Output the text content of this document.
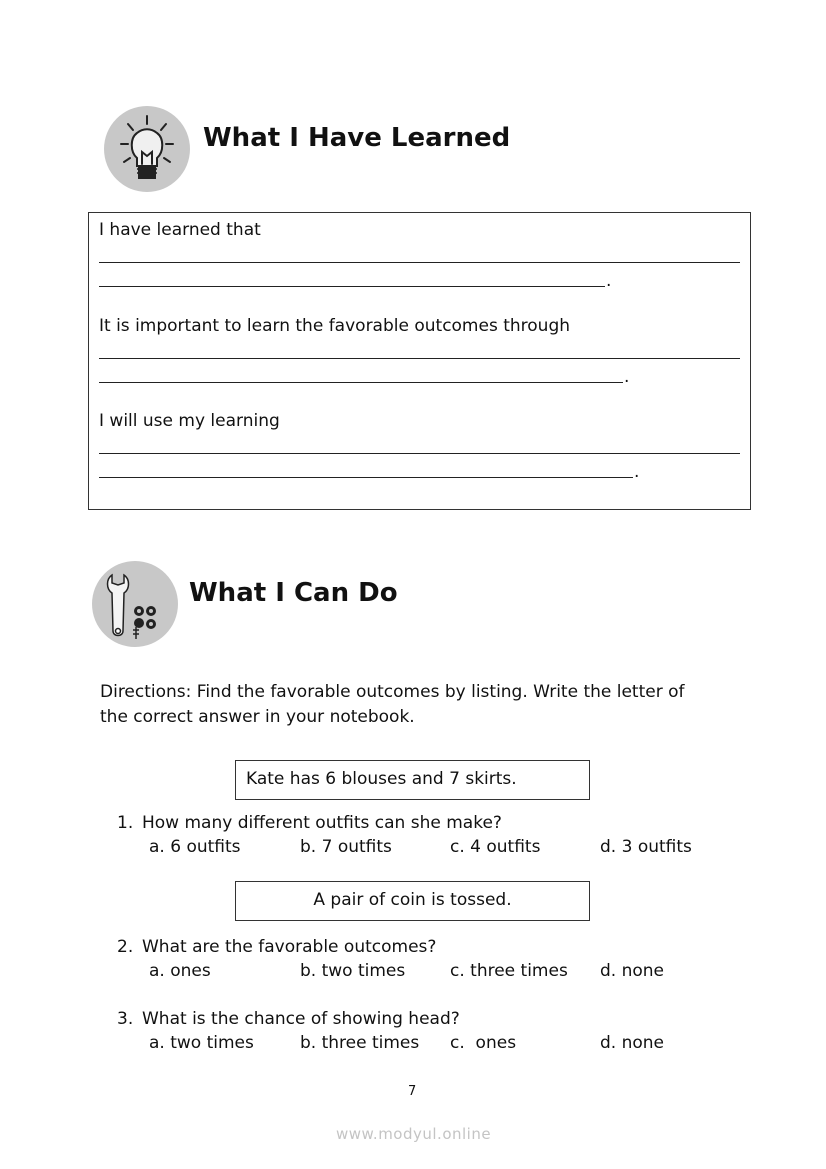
What I Have Learned
I have learned that
.
It is important to learn the favorable outcomes through
.
I will use my learning
.
What I Can Do
Directions: Find the favorable outcomes by listing. Write the letter of
the correct answer in your notebook.
Kate has 6 blouses and 7 skirts.
1. How many different outfits can she make?
a. 6 outfits	b. 7 outfits	c. 4 outfits	d. 3 outfits
A pair of coin is tossed.
2. What are the favorable outcomes?
a. ones	b. two times	c. three times d. none
3. What is the chance of showing head?
a. two times	b. three times c.  ones	d. none
7
www.modyul.online
